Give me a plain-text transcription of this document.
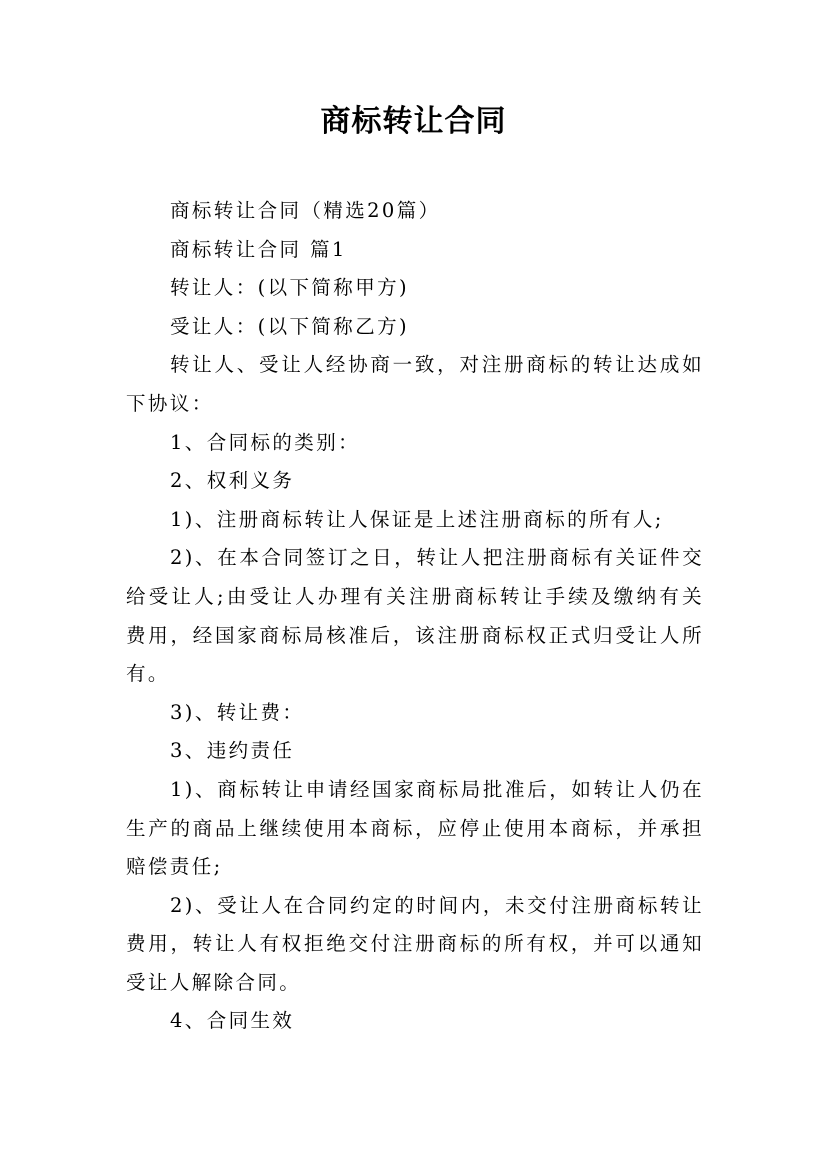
商标转让合同

商标转让合同（精选20篇）

商标转让合同 篇1

转让人：(以下简称甲方)

受让人：(以下简称乙方)

转让人、受让人经协商一致，对注册商标的转让达成如下协议：

1、合同标的类别：

2、权利义务

1)、注册商标转让人保证是上述注册商标的所有人;

2)、在本合同签订之日，转让人把注册商标有关证件交给受让人;由受让人办理有关注册商标转让手续及缴纳有关费用，经国家商标局核准后，该注册商标权正式归受让人所有。

3)、转让费：

3、违约责任

1)、商标转让申请经国家商标局批准后，如转让人仍在生产的商品上继续使用本商标，应停止使用本商标，并承担赔偿责任;

2)、受让人在合同约定的时间内，未交付注册商标转让费用，转让人有权拒绝交付注册商标的所有权，并可以通知受让人解除合同。

4、合同生效
